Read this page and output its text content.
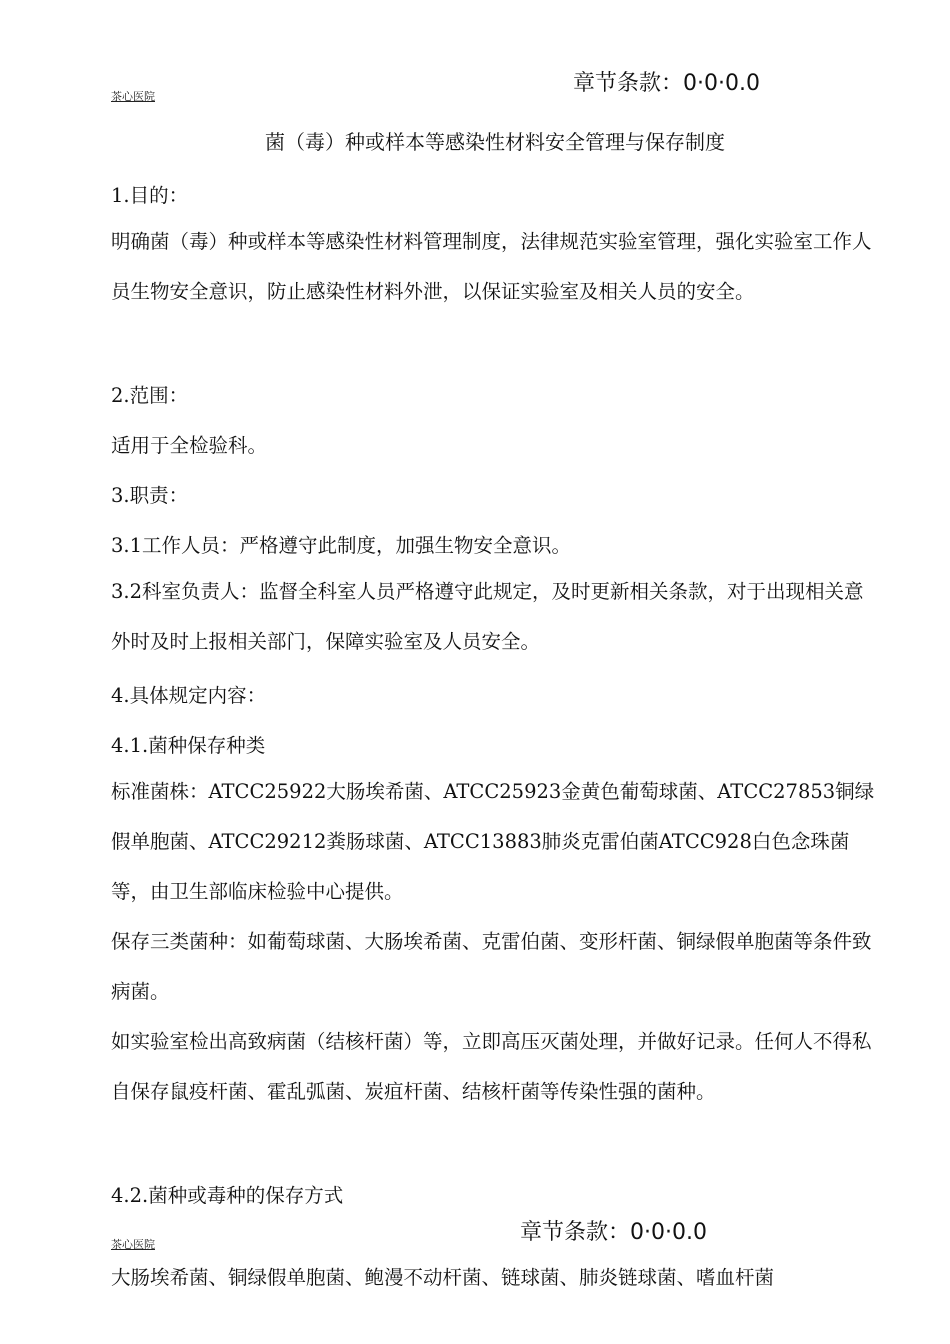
茶心医院
章节条款：0·0·0.0
菌（毒）种或样本等感染性材料安全管理与保存制度
1.目的：

明确菌（毒）种或样本等感染性材料管理制度，法律规范实验室管理，强化实验室工作人员生物安全意识，防止感染性材料外泄，以保证实验室及相关人员的安全。

2.范围：
适用于全检验科。
3.职责：
3.1工作人员：严格遵守此制度，加强生物安全意识。

3.2科室负责人：监督全科室人员严格遵守此规定，及时更新相关条款，对于出现相关意外时及时上报相关部门，保障实验室及人员安全。

4.具体规定内容：
4.1.菌种保存种类

标准菌株：ATCC25922大肠埃希菌、ATCC25923金黄色葡萄球菌、ATCC27853铜绿假单胞菌、ATCC29212粪肠球菌、ATCC13883肺炎克雷伯菌ATCC928白色念珠菌等，由卫生部临床检验中心提供。

保存三类菌种：如葡萄球菌、大肠埃希菌、克雷伯菌、变形杆菌、铜绿假单胞菌等条件致病菌。

如实验室检出高致病菌（结核杆菌）等，立即高压灭菌处理，并做好记录。任何人不得私自保存鼠疫杆菌、霍乱弧菌、炭疽杆菌、结核杆菌等传染性强的菌种。

4.2.菌种或毒种的保存方式
章节条款：0·0·0.0
茶心医院
大肠埃希菌、铜绿假单胞菌、鲍漫不动杆菌、链球菌、肺炎链球菌、嗜血杆菌
